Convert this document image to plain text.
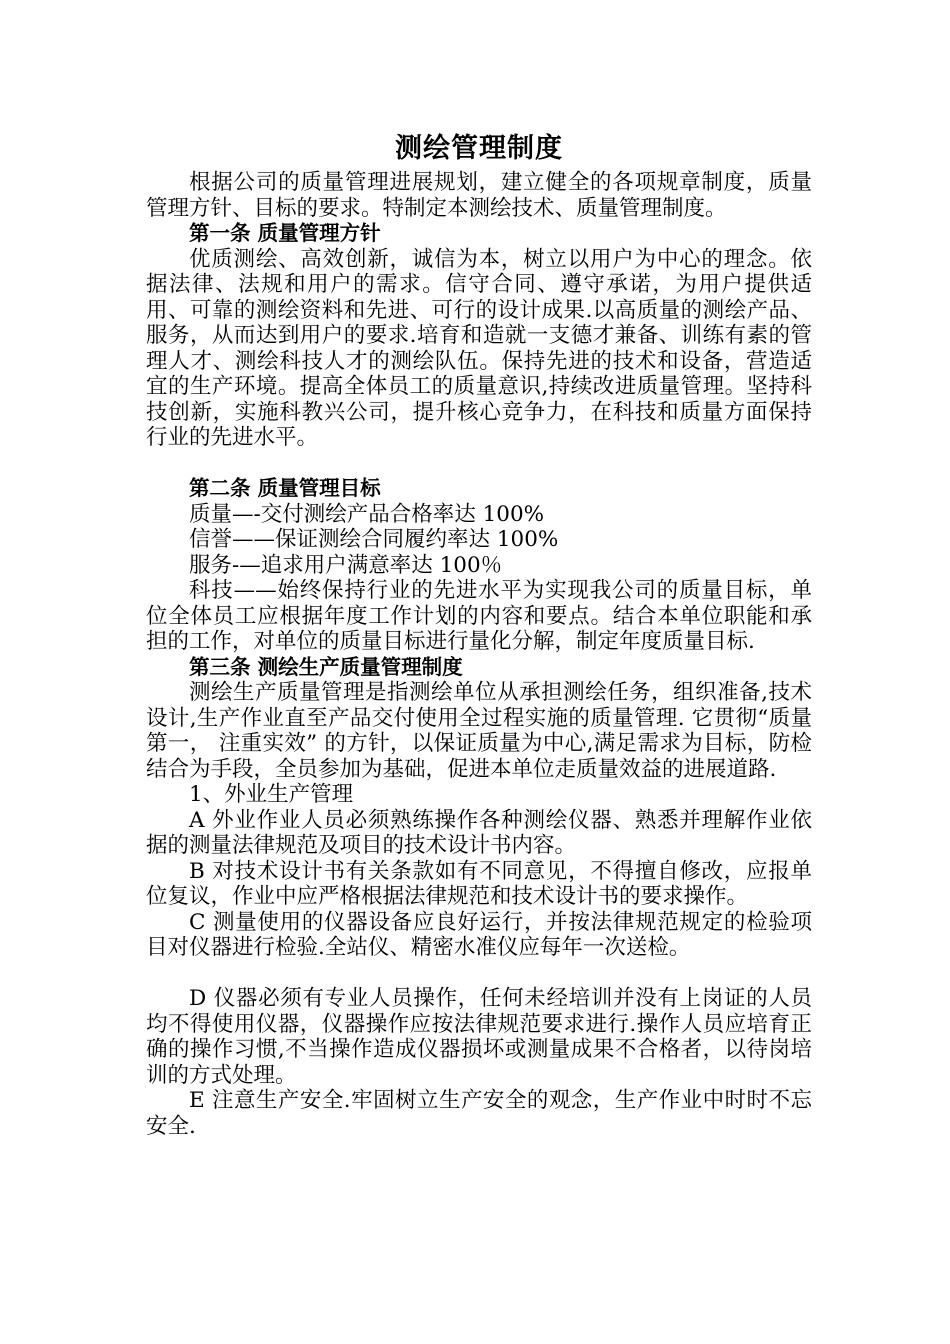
测绘管理制度

根据公司的质量管理进展规划，建立健全的各项规章制度，质量管理方针、目标的要求。特制定本测绘技术、质量管理制度。

第一条 质量管理方针

优质测绘、高效创新，诚信为本，树立以用户为中心的理念。依据法律、法规和用户的需求。信守合同、遵守承诺，为用户提供适用、可靠的测绘资料和先进、可行的设计成果.以高质量的测绘产品、服务，从而达到用户的要求.培育和造就一支德才兼备、训练有素的管理人才、测绘科技人才的测绘队伍。保持先进的技术和设备，营造适宜的生产环境。提高全体员工的质量意识,持续改进质量管理。坚持科技创新，实施科教兴公司，提升核心竞争力，在科技和质量方面保持行业的先进水平。

第二条 质量管理目标

质量—-交付测绘产品合格率达 100%

信誉——保证测绘合同履约率达 100%

服务-—追求用户满意率达 100％

科技——始终保持行业的先进水平为实现我公司的质量目标，单位全体员工应根据年度工作计划的内容和要点。结合本单位职能和承担的工作，对单位的质量目标进行量化分解，制定年度质量目标.

第三条 测绘生产质量管理制度

测绘生产质量管理是指测绘单位从承担测绘任务，组织准备,技术设计,生产作业直至产品交付使用全过程实施的质量管理. 它贯彻“质量第一， 注重实效” 的方针，以保证质量为中心,满足需求为目标，防检结合为手段，全员参加为基础，促进本单位走质量效益的进展道路.

1、外业生产管理

A 外业作业人员必须熟练操作各种测绘仪器、熟悉并理解作业依据的测量法律规范及项目的技术设计书内容。

B 对技术设计书有关条款如有不同意见，不得擅自修改，应报单位复议，作业中应严格根据法律规范和技术设计书的要求操作。

C 测量使用的仪器设备应良好运行，并按法律规范规定的检验项目对仪器进行检验.全站仪、精密水准仪应每年一次送检。

D 仪器必须有专业人员操作，任何未经培训并没有上岗证的人员均不得使用仪器，仪器操作应按法律规范要求进行.操作人员应培育正确的操作习惯,不当操作造成仪器损坏或测量成果不合格者，以待岗培训的方式处理。

E 注意生产安全.牢固树立生产安全的观念，生产作业中时时不忘安全.
